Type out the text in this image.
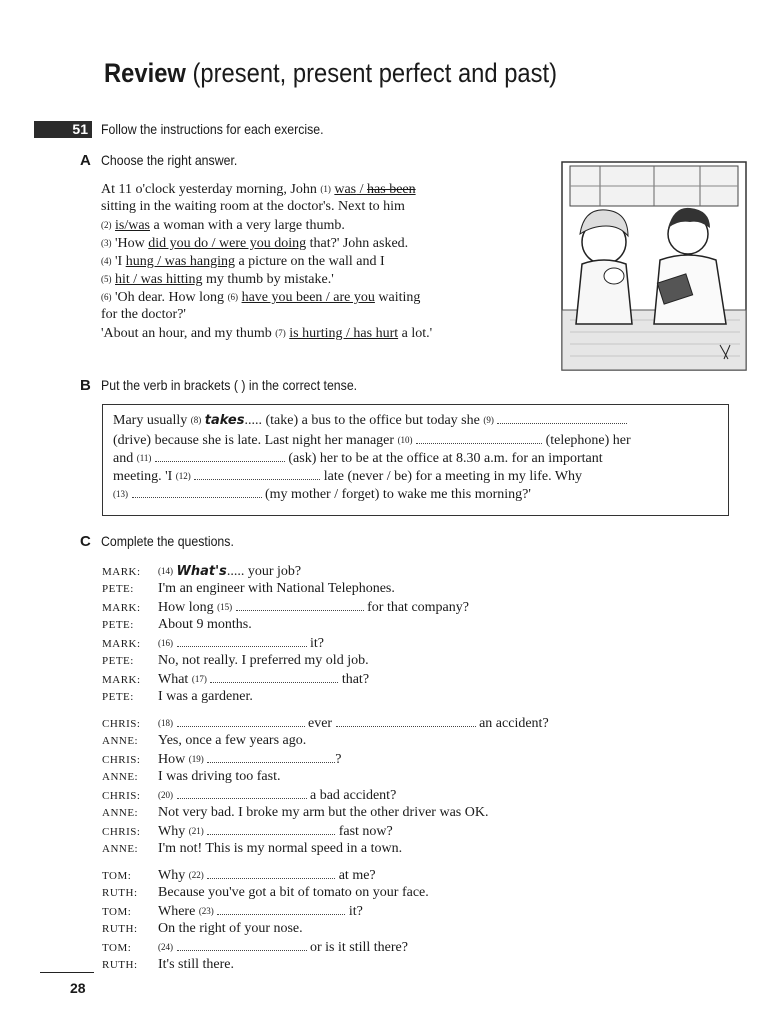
Review (present, present perfect and past)
51 Follow the instructions for each exercise.
A Choose the right answer.
At 11 o'clock yesterday morning, John (1) was / has been
sitting in the waiting room at the doctor's. Next to him
(2) is/was a woman with a very large thumb.
(3) 'How did you do / were you doing that?' John asked.
(4) 'I hung / was hanging a picture on the wall and I
(5) hit / was hitting my thumb by mistake.'
(6) 'Oh dear. How long (6) have you been / are you waiting
for the doctor?'
'About an hour, and my thumb (7) is hurting / has hurt a lot.'
B Put the verb in brackets ( ) in the correct tense.
Mary usually (8) takes..... (take) a bus to the office but today she (9)
(drive) because she is late. Last night her manager (10)	(telephone) her
and (11)	(ask) her to be at the office at 8.30 a.m. for an important
meeting. 'I (12)	late (never / be) for a meeting in my life. Why
(13)	(my mother / forget) to wake me this morning?'
C Complete the questions.
MARK: (14) What's..... your job?
PETE: I'm an engineer with National Telephones.
MARK: How long (15)	for that company?
PETE: About 9 months.
MARK: (16)	it?
PETE: No, not really. I preferred my old job.
MARK: What (17)	that?
PETE: I was a gardener.
CHRIS: (18)	ever	an accident?
ANNE: Yes, once a few years ago.
CHRIS: How (19)	?
ANNE: I was driving too fast.
CHRIS: (20)	a bad accident?
ANNE: Not very bad. I broke my arm but the other driver was OK.
CHRIS: Why (21)	fast now?
ANNE: I'm not! This is my normal speed in a town.
TOM: Why (22)	at me?
RUTH: Because you've got a bit of tomato on your face.
TOM: Where (23)	it?
RUTH: On the right of your nose.
TOM:	(24)	or is it still there?
RUTH: It's still there.
28
